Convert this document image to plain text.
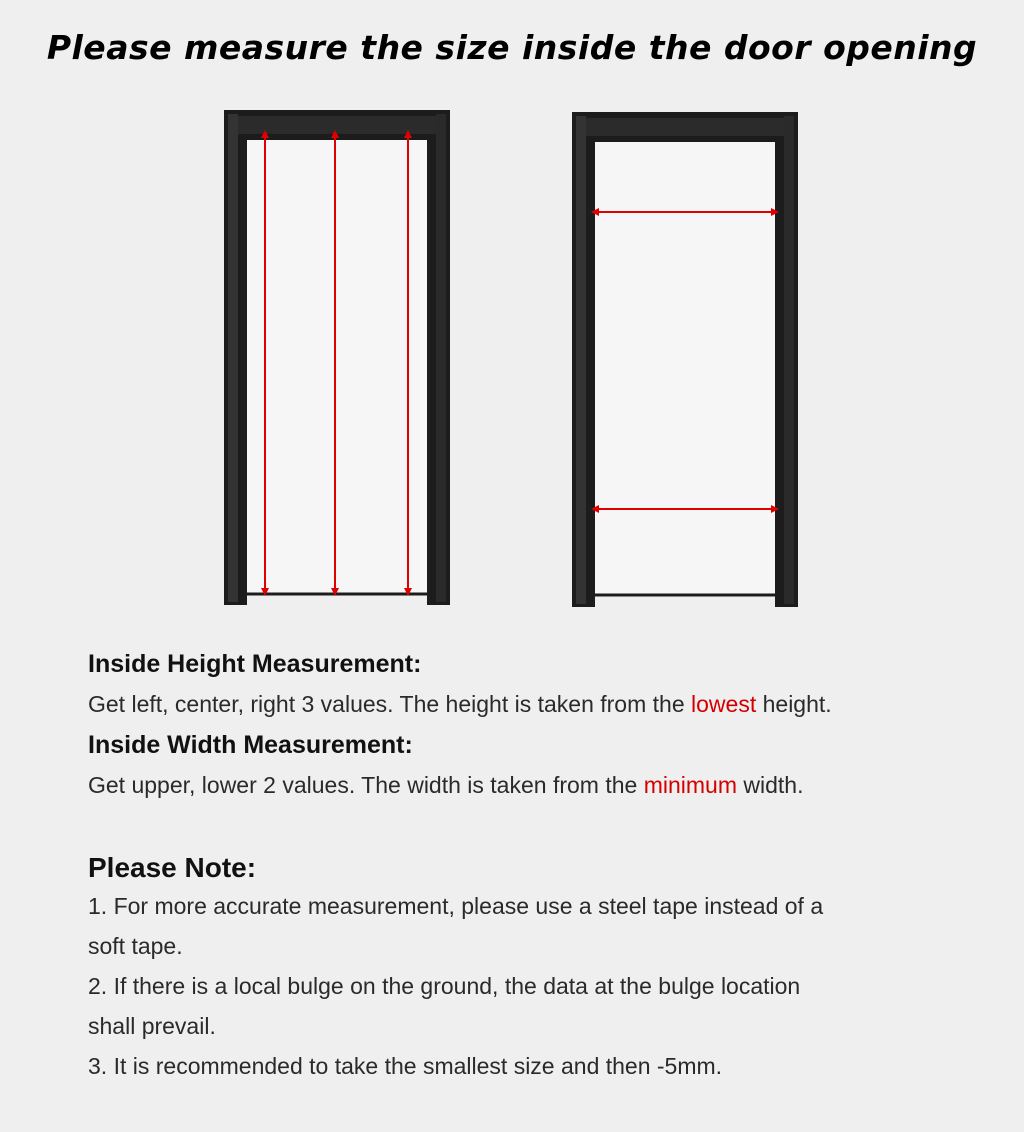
Please measure the size inside the door opening
Inside Height Measurement:
Get left, center, right 3 values. The height is taken from the lowest height.
Inside Width Measurement:
Get upper, lower 2 values. The width is taken from the minimum width.
Please Note:
1. For more accurate measurement, please use a steel tape instead of a
soft tape.
2. If there is a local bulge on the ground, the data at the bulge location
shall prevail.
3. It is recommended to take the smallest size and then -5mm.
